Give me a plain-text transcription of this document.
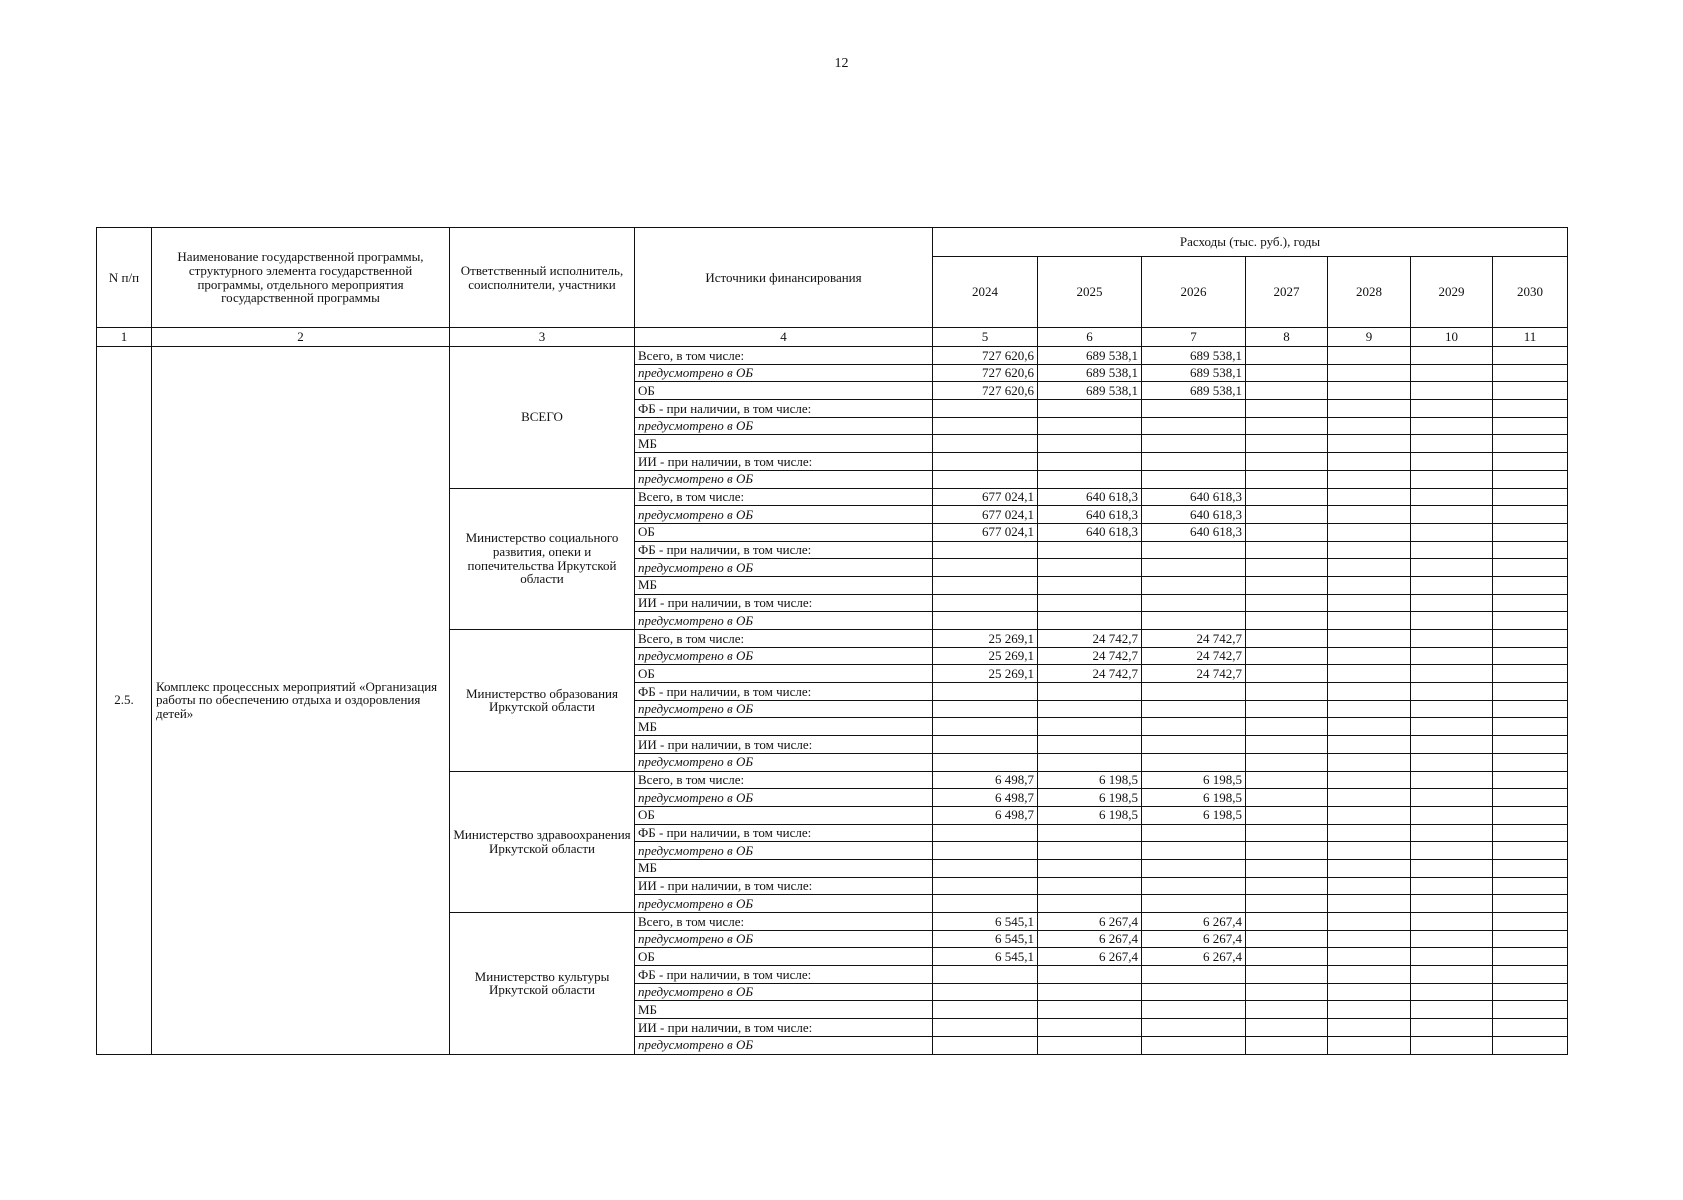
12
N п/п	Наименование государственной программы, структурного элемента государственной программы, отдельного мероприятия государственной программы	Ответственный исполнитель, соисполнители, участники	Источники финансирования	Расходы (тыс. руб.), годы						
				2024	2025	2026	2027	2028	2029	2030
1	2	3	4	5	6	7	8	9	10	11
2.5.	Комплекс процессных мероприятий «Организация работы по обеспечению отдыха и оздоровления детей»	ВСЕГО	Всего, в том числе:	727 620,6	689 538,1	689 538,1				
			предусмотрено в ОБ	727 620,6	689 538,1	689 538,1				
			ОБ	727 620,6	689 538,1	689 538,1				
			ФБ - при наличии, в том числе:							
			предусмотрено в ОБ							
			МБ							
			ИИ - при наличии, в том числе:							
			предусмотрено в ОБ							
		Министерство социального развития, опеки и попечительства Иркутской области	Всего, в том числе:	677 024,1	640 618,3	640 618,3				
			предусмотрено в ОБ	677 024,1	640 618,3	640 618,3				
			ОБ	677 024,1	640 618,3	640 618,3				
			ФБ - при наличии, в том числе:							
			предусмотрено в ОБ							
			МБ							
			ИИ - при наличии, в том числе:							
			предусмотрено в ОБ							
		Министерство образования Иркутской области	Всего, в том числе:	25 269,1	24 742,7	24 742,7				
			предусмотрено в ОБ	25 269,1	24 742,7	24 742,7				
			ОБ	25 269,1	24 742,7	24 742,7				
			ФБ - при наличии, в том числе:							
			предусмотрено в ОБ							
			МБ							
			ИИ - при наличии, в том числе:							
			предусмотрено в ОБ							
		Министерство здравоохранения Иркутской области	Всего, в том числе:	6 498,7	6 198,5	6 198,5				
			предусмотрено в ОБ	6 498,7	6 198,5	6 198,5				
			ОБ	6 498,7	6 198,5	6 198,5				
			ФБ - при наличии, в том числе:							
			предусмотрено в ОБ							
			МБ							
			ИИ - при наличии, в том числе:							
			предусмотрено в ОБ							
		Министерство культуры Иркутской области	Всего, в том числе:	6 545,1	6 267,4	6 267,4				
			предусмотрено в ОБ	6 545,1	6 267,4	6 267,4				
			ОБ	6 545,1	6 267,4	6 267,4				
			ФБ - при наличии, в том числе:							
			предусмотрено в ОБ							
			МБ							
			ИИ - при наличии, в том числе:							
			предусмотрено в ОБ							
